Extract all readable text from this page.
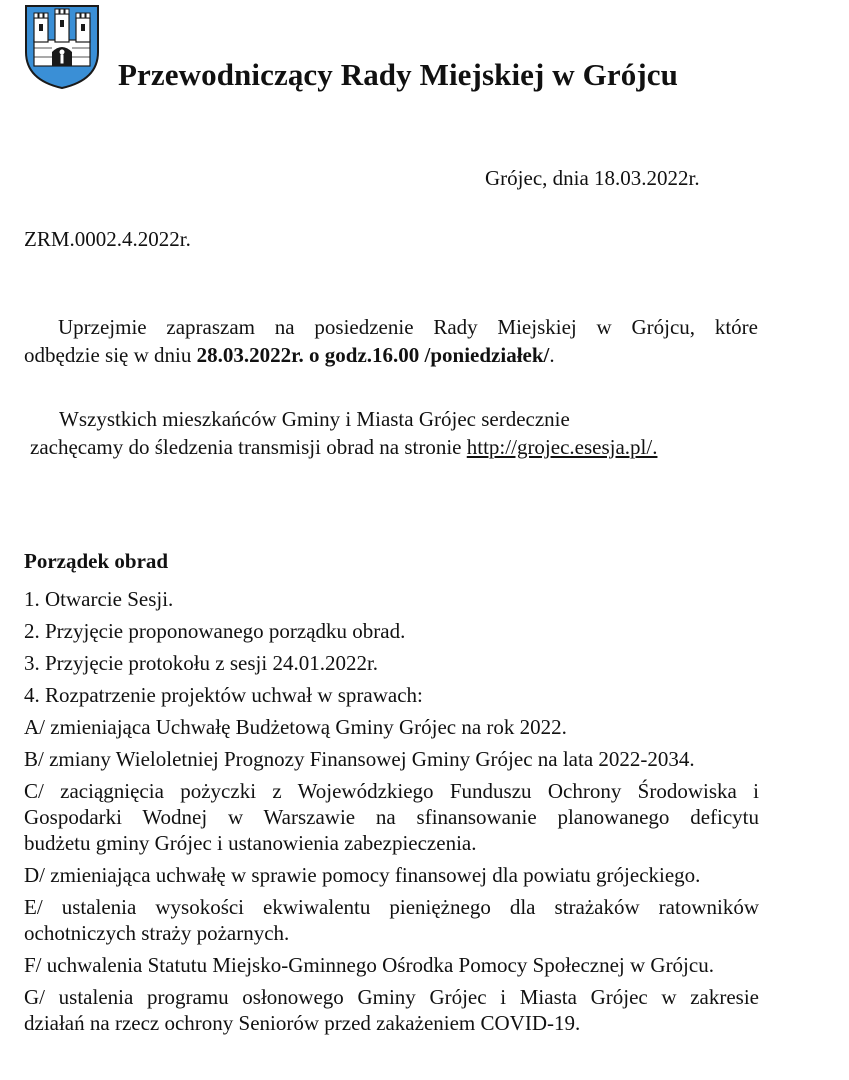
Przewodniczący Rady Miejskiej w Grójcu
Grójec, dnia 18.03.2022r.
ZRM.0002.4.2022r.
Uprzejmie zapraszam na posiedzenie Rady Miejskiej w Grójcu, które
odbędzie się w dniu 28.03.2022r. o godz.16.00 /poniedziałek/.
Wszystkich mieszkańców Gminy i Miasta Grójec serdecznie
zachęcamy do śledzenia transmisji obrad na stronie http://grojec.esesja.pl/.
Porządek obrad
1. Otwarcie Sesji.
2. Przyjęcie proponowanego porządku obrad.
3. Przyjęcie protokołu z sesji 24.01.2022r.
4. Rozpatrzenie projektów uchwał w sprawach:
A/ zmieniająca Uchwałę Budżetową Gminy Grójec na rok 2022.
B/ zmiany Wieloletniej Prognozy Finansowej Gminy Grójec na lata 2022-2034.
C/ zaciągnięcia pożyczki z Wojewódzkiego Funduszu Ochrony Środowiska i
Gospodarki Wodnej w Warszawie na sfinansowanie planowanego deficytu
budżetu gminy Grójec i ustanowienia zabezpieczenia.
D/ zmieniająca uchwałę w sprawie pomocy finansowej dla powiatu grójeckiego.
E/ ustalenia wysokości ekwiwalentu pieniężnego dla strażaków ratowników
ochotniczych straży pożarnych.
F/ uchwalenia Statutu Miejsko-Gminnego Ośrodka Pomocy Społecznej w Grójcu.
G/ ustalenia programu osłonowego Gminy Grójec i Miasta Grójec w zakresie
działań na rzecz ochrony Seniorów przed zakażeniem COVID-19.
